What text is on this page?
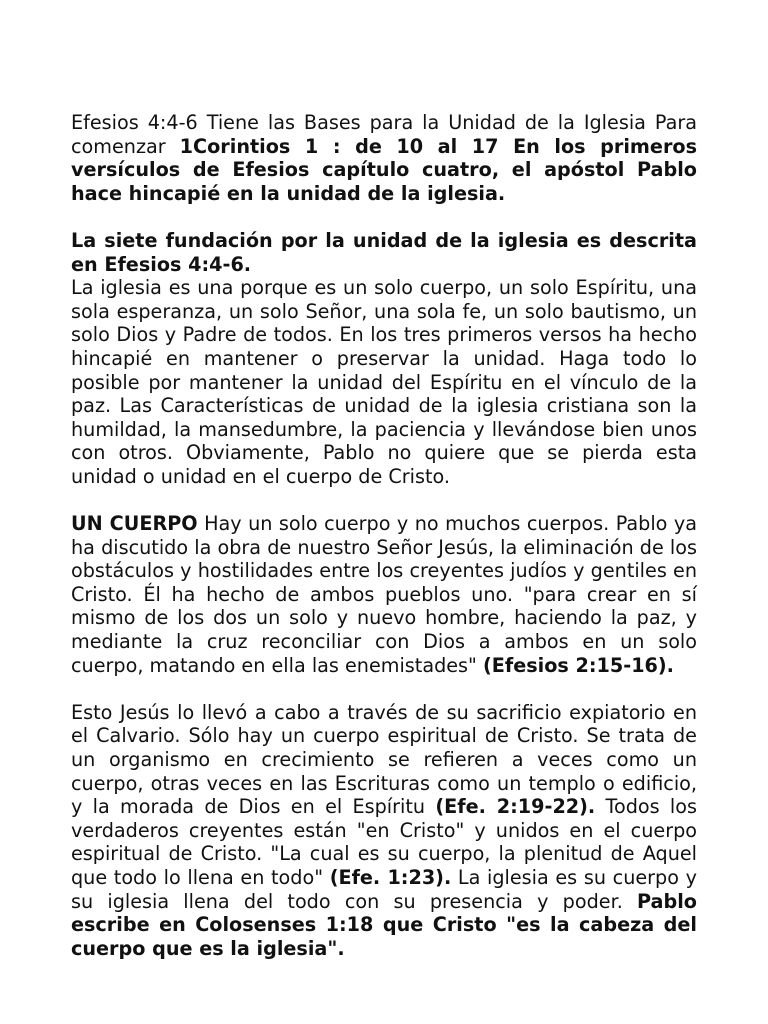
Efesios 4:4-6 Tiene las Bases para la Unidad de la Iglesia Para comenzar 1Corintios 1 : de 10 al 17 En los primeros versículos de Efesios capítulo cuatro, el apóstol Pablo hace hincapié en la unidad de la iglesia.

La siete fundación por la unidad de la iglesia es descrita en Efesios 4:4-6.
La iglesia es una porque es un solo cuerpo, un solo Espíritu, una sola esperanza, un solo Señor, una sola fe, un solo bautismo, un solo Dios y Padre de todos. En los tres primeros versos ha hecho hincapié en mantener o preservar la unidad. Haga todo lo posible por mantener la unidad del Espíritu en el vínculo de la paz. Las Características de unidad de la iglesia cristiana son la humildad, la mansedumbre, la paciencia y llevándose bien unos con otros. Obviamente, Pablo no quiere que se pierda esta unidad o unidad en el cuerpo de Cristo.

UN CUERPO Hay un solo cuerpo y no muchos cuerpos. Pablo ya ha discutido la obra de nuestro Señor Jesús, la eliminación de los obstáculos y hostilidades entre los creyentes judíos y gentiles en Cristo. Él ha hecho de ambos pueblos uno. "para crear en sí mismo de los dos un solo y nuevo hombre, haciendo la paz, y mediante la cruz reconciliar con Dios a ambos en un solo cuerpo, matando en ella las enemistades" (Efesios 2:15-16).

Esto Jesús lo llevó a cabo a través de su sacrificio expiatorio en el Calvario. Sólo hay un cuerpo espiritual de Cristo. Se trata de un organismo en crecimiento se refieren a veces como un cuerpo, otras veces en las Escrituras como un templo o edificio, y la morada de Dios en el Espíritu (Efe. 2:19-22). Todos los verdaderos creyentes están "en Cristo" y unidos en el cuerpo espiritual de Cristo. "La cual es su cuerpo, la plenitud de Aquel que todo lo llena en todo" (Efe. 1:23). La iglesia es su cuerpo y su iglesia llena del todo con su presencia y poder. Pablo escribe en Colosenses 1:18 que Cristo "es la cabeza del cuerpo que es la iglesia".
